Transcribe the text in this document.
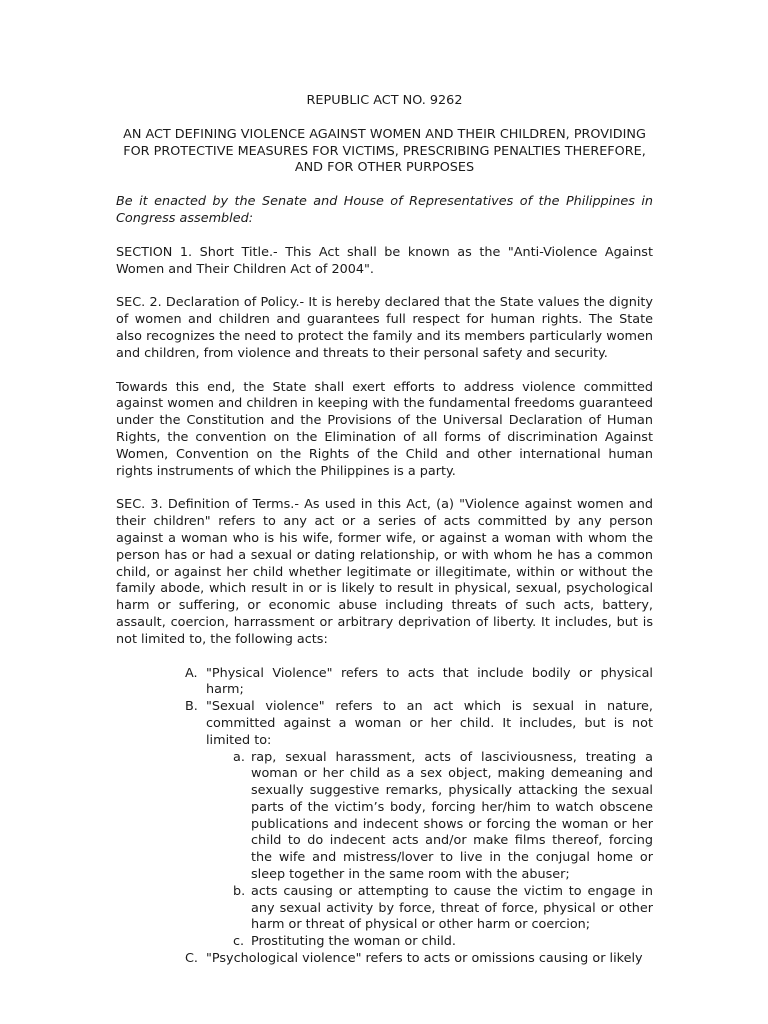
REPUBLIC ACT NO. 9262
AN ACT DEFINING VIOLENCE AGAINST WOMEN AND THEIR CHILDREN, PROVIDING FOR PROTECTIVE MEASURES FOR VICTIMS, PRESCRIBING PENALTIES THEREFORE, AND FOR OTHER PURPOSES
Be it enacted by the Senate and House of Representatives of the Philippines in Congress assembled:

SECTION 1. Short Title.- This Act shall be known as the "Anti-Violence Against Women and Their Children Act of 2004".

SEC. 2. Declaration of Policy.- It is hereby declared that the State values the dignity of women and children and guarantees full respect for human rights. The State also recognizes the need to protect the family and its members particularly women and children, from violence and threats to their personal safety and security.

Towards this end, the State shall exert efforts to address violence committed against women and children in keeping with the fundamental freedoms guaranteed under the Constitution and the Provisions of the Universal Declaration of Human Rights, the convention on the Elimination of all forms of discrimination Against Women, Convention on the Rights of the Child and other international human rights instruments of which the Philippines is a party.

SEC. 3. Definition of Terms.- As used in this Act, (a) "Violence against women and their children" refers to any act or a series of acts committed by any person against a woman who is his wife, former wife, or against a woman with whom the person has or had a sexual or dating relationship, or with whom he has a common child, or against her child whether legitimate or illegitimate, within or without the family abode, which result in or is likely to result in physical, sexual, psychological harm or suffering, or economic abuse including threats of such acts, battery, assault, coercion, harrassment or arbitrary deprivation of liberty. It includes, but is not limited to, the following acts:

A. "Physical Violence" refers to acts that include bodily or physical harm;
B. "Sexual violence" refers to an act which is sexual in nature, committed against a woman or her child. It includes, but is not limited to:
a. rap, sexual harassment, acts of lasciviousness, treating a woman or her child as a sex object, making demeaning and sexually suggestive remarks, physically attacking the sexual parts of the victim’s body, forcing her/him to watch obscene publications and indecent shows or forcing the woman or her child to do indecent acts and/or make films thereof, forcing the wife and mistress/lover to live in the conjugal home or sleep together in the same room with the abuser;
b. acts causing or attempting to cause the victim to engage in any sexual activity by force, threat of force, physical or other harm or threat of physical or other harm or coercion;
c. Prostituting the woman or child.
C. "Psychological violence" refers to acts or omissions causing or likely
